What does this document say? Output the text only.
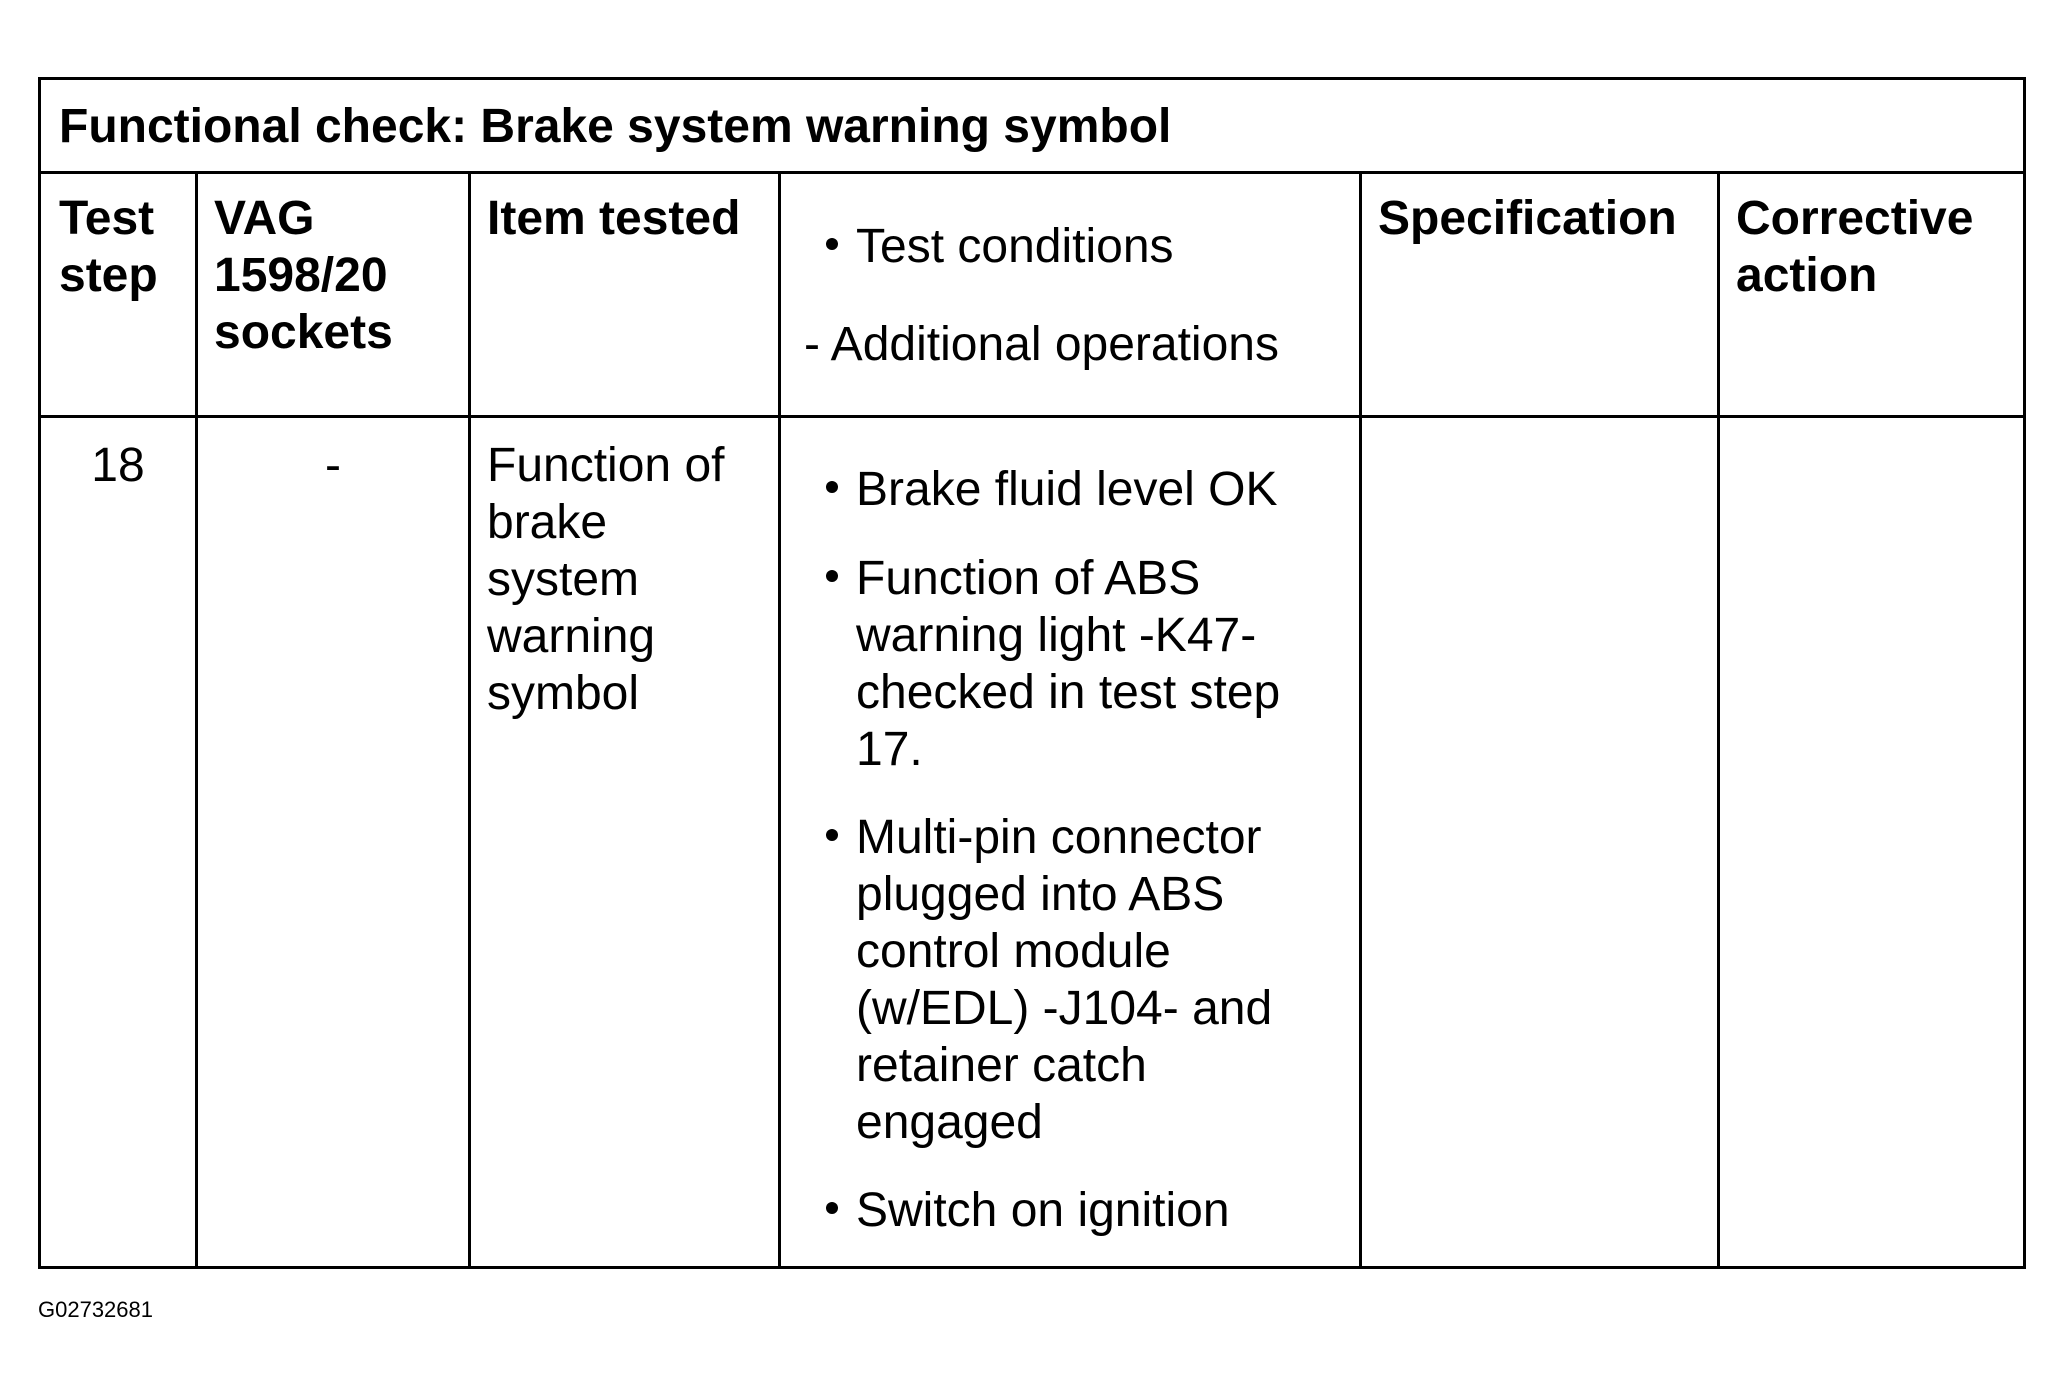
Functional check: Brake system warning symbol
Test
step
VAG
1598/20
sockets
Item tested
Test conditions
- Additional operations
Specification Corrective
action
18	-	Function of
brake
system
warning
symbol
Brake fluid level OK
Function of ABS
warning light -K47-
checked in test step
17.
Multi-pin connector
plugged into ABS
control module
(w/EDL) -J104- and
retainer catch
engaged
Switch on ignition
G02732681
